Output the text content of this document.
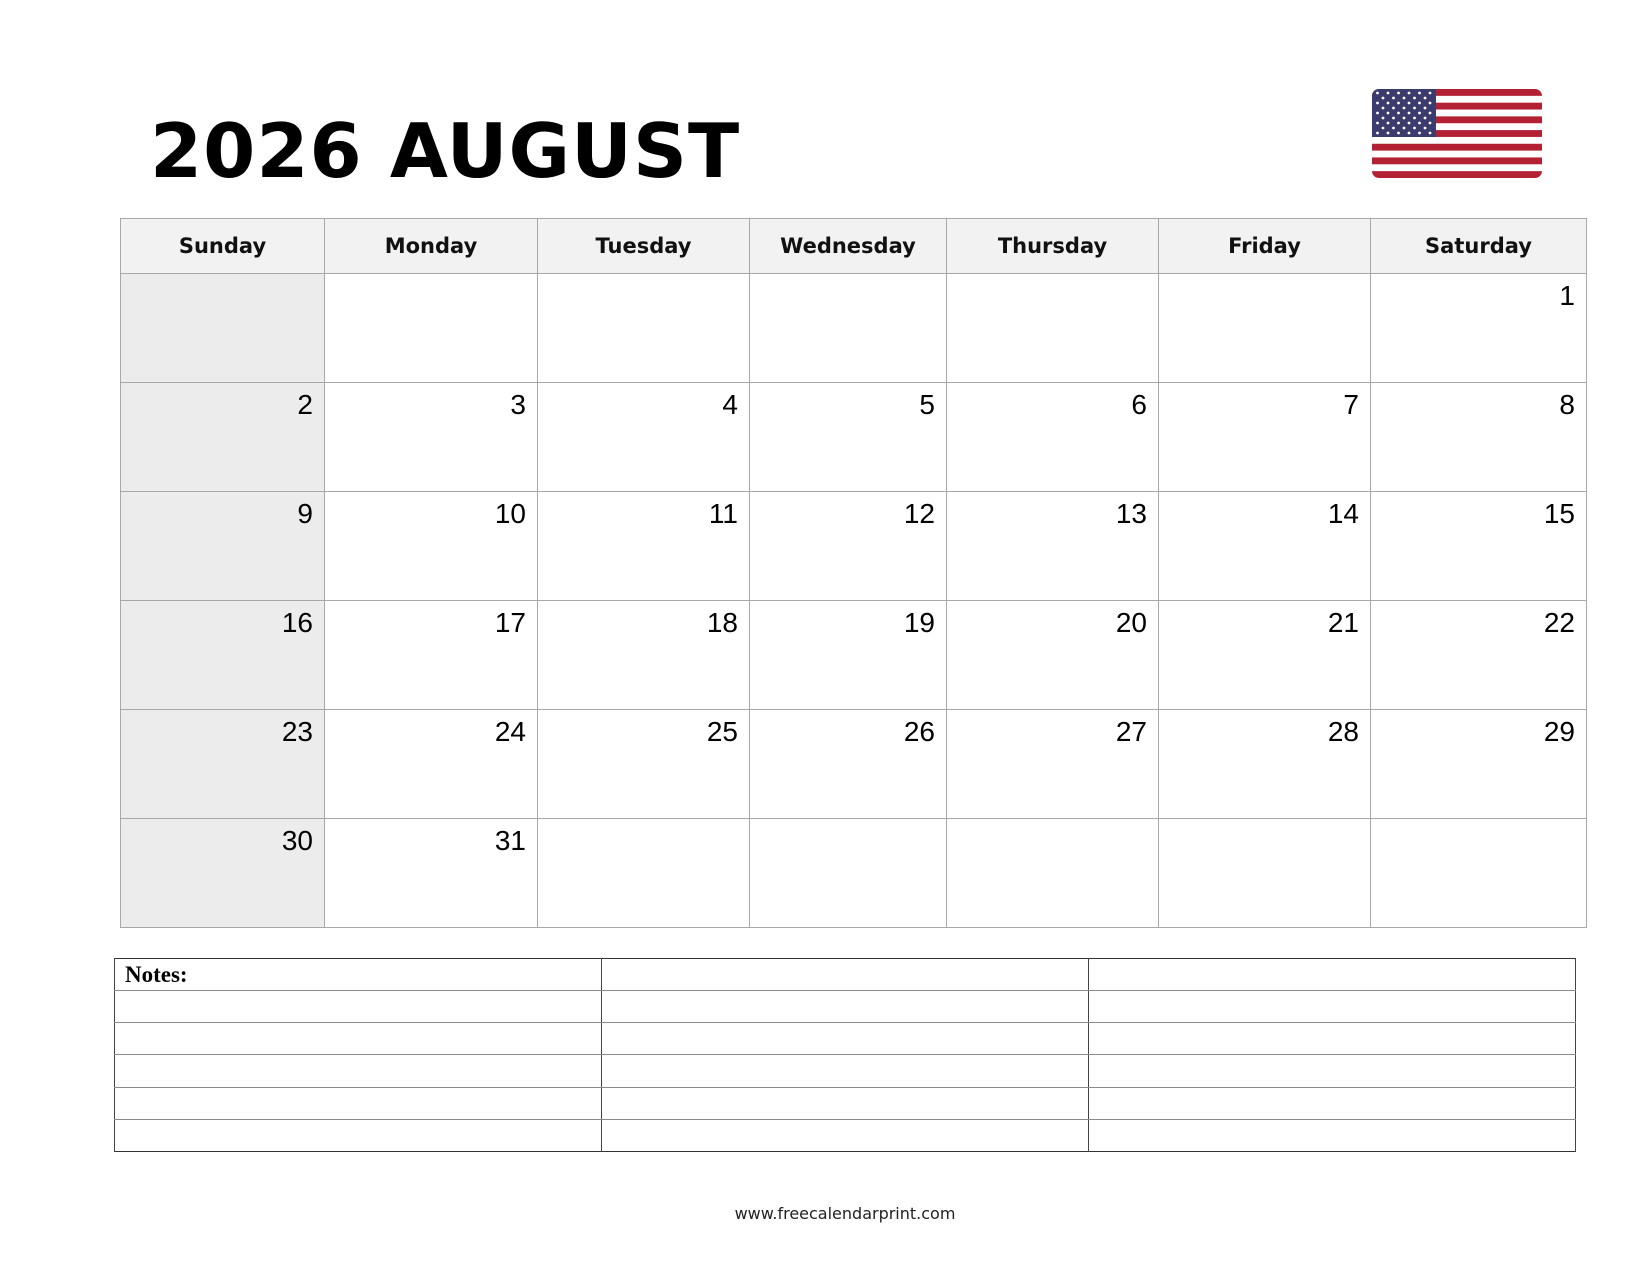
2026 AUGUST
Sunday	Monday	Tuesday	Wednesday	Thursday	Friday	Saturday

						1

2	3	4	5	6	7	8

9	10	11	12	13	14	15

16	17	18	19	20	21	22

23	24	25	26	27	28	29

30	31					

Notes:		

www.freecalendarprint.com
